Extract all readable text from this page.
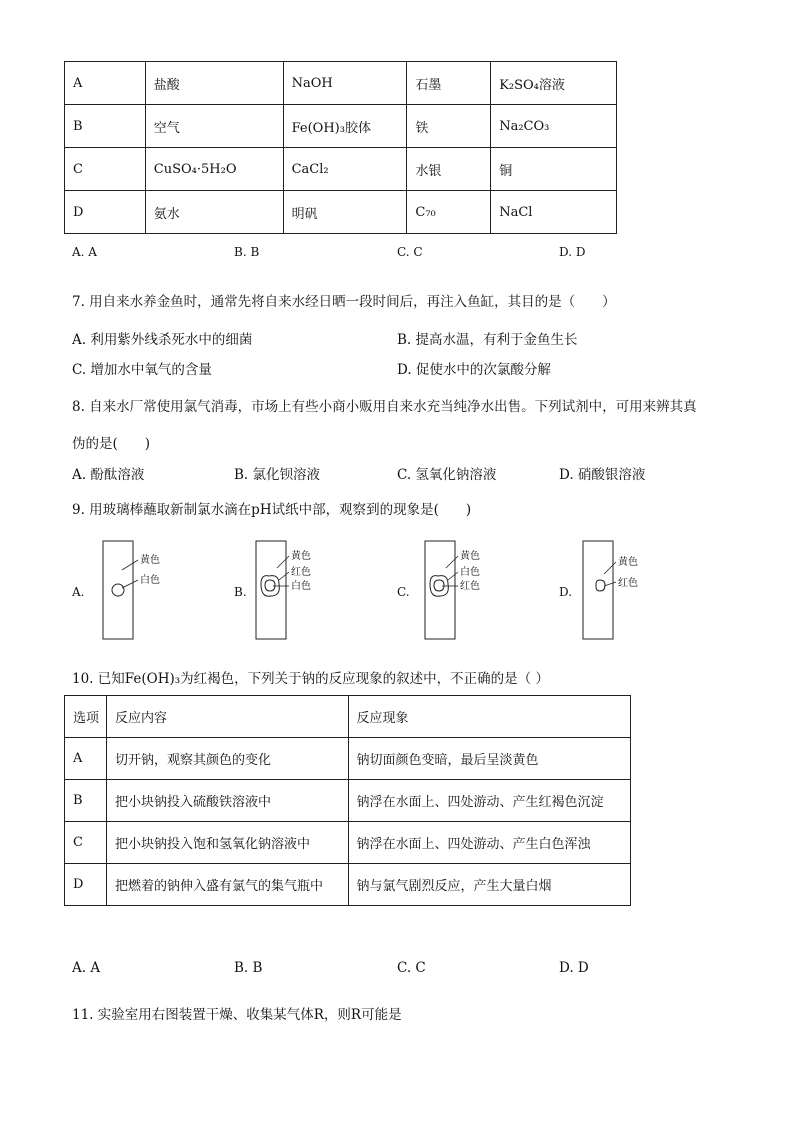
A	盐酸	NaOH	石墨	K₂SO₄溶液
B	空气	Fe(OH)₃胶体	铁	Na₂CO₃
C	CuSO₄·5H₂O	CaCl₂	水银	铜
D	氨水	明矾	C₇₀	NaCl
A. A	B. B	C. C	D. D
7. 用自来水养金鱼时，通常先将自来水经日晒一段时间后，再注入鱼缸，其目的是（　　）
A. 利用紫外线杀死水中的细菌	B. 提高水温，有利于金鱼生长
C. 增加水中氧气的含量	D. 促使水中的次氯酸分解
8. 自来水厂常使用氯气消毒，市场上有些小商小贩用自来水充当纯净水出售。下列试剂中，可用来辨其真
伪的是(　　)
A. 酚酞溶液	B. 氯化钡溶液	C. 氢氧化钠溶液	D. 硝酸银溶液
9. 用玻璃棒蘸取新制氯水滴在pH试纸中部，观察到的现象是(　　)
A.
黄色
白色
B.
黄色
红色
白色	C.
黄色
白色
红色	D.
黄色
红色
10. 已知Fe(OH)₃为红褐色，下列关于钠的反应现象的叙述中，不正确的是（ ）
选项	反应内容	反应现象
A	切开钠，观察其颜色的变化	钠切面颜色变暗，最后呈淡黄色
B	把小块钠投入硫酸铁溶液中	钠浮在水面上、四处游动、产生红褐色沉淀
C	把小块钠投入饱和氢氧化钠溶液中	钠浮在水面上、四处游动、产生白色浑浊
D	把燃着的钠伸入盛有氯气的集气瓶中	钠与氯气剧烈反应，产生大量白烟
A. A	B. B	C. C	D. D
11. 实验室用右图装置干燥、收集某气体R，则R可能是
